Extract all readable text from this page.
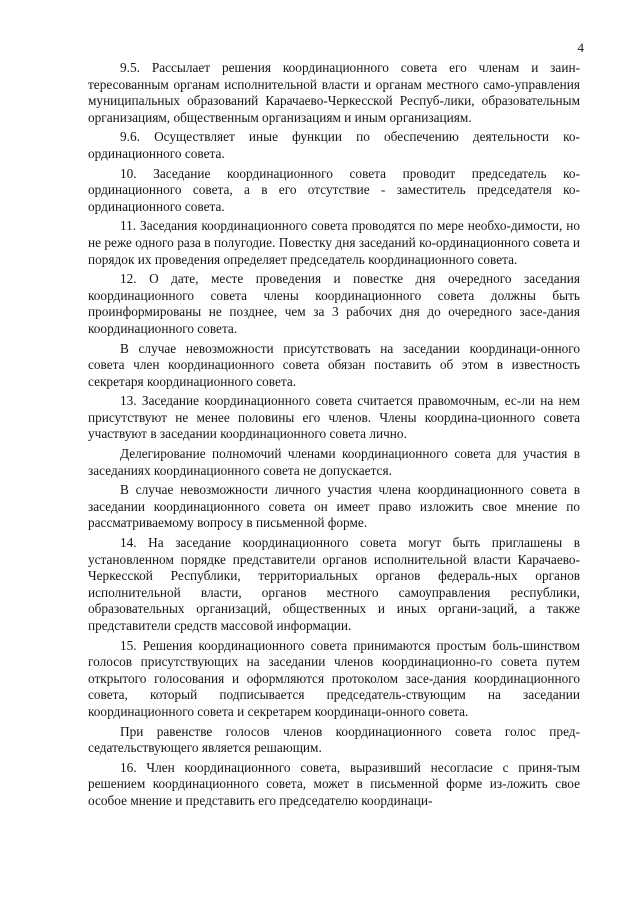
4

9.5. Рассылает решения координационного совета его членам и заин-тересованным органам исполнительной власти и органам местного само-управления муниципальных образований Карачаево-Черкесской Респуб-лики, образовательным организациям, общественным организациям и иным организациям.

9.6. Осуществляет иные функции по обеспечению деятельности ко-ординационного совета.

10. Заседание координационного совета проводит председатель ко-ординационного совета, а в его отсутствие - заместитель председателя ко-ординационного совета.

11. Заседания координационного совета проводятся по мере необхо-димости, но не реже одного раза в полугодие. Повестку дня заседаний ко-ординационного совета и порядок их проведения определяет председатель координационного совета.

12. О дате, месте проведения и повестке дня очередного заседания координационного совета члены координационного совета должны быть проинформированы не позднее, чем за 3 рабочих дня до очередного засе-дания координационного совета.

В случае невозможности присутствовать на заседании координаци-онного совета член координационного совета обязан поставить об этом в известность секретаря координационного совета.

13. Заседание координационного совета считается правомочным, ес-ли на нем присутствуют не менее половины его членов. Члены координа-ционного совета участвуют в заседании координационного совета лично.

Делегирование полномочий членами координационного совета для участия в заседаниях координационного совета не допускается.

В случае невозможности личного участия члена координационного совета в заседании координационного совета он имеет право изложить свое мнение по рассматриваемому вопросу в письменной форме.

14. На заседание координационного совета могут быть приглашены в установленном порядке представители органов исполнительной власти Карачаево-Черкесской Республики, территориальных органов федераль-ных органов исполнительной власти, органов местного самоуправления республики, образовательных организаций, общественных и иных органи-заций, а также представители средств массовой информации.

15. Решения координационного совета принимаются простым боль-шинством голосов присутствующих на заседании членов координационно-го совета путем открытого голосования и оформляются протоколом засе-дания координационного совета, который подписывается председатель-ствующим на заседании координационного совета и секретарем координаци-онного совета.

При равенстве голосов членов координационного совета голос пред-седательствующего является решающим.

16. Член координационного совета, выразивший несогласие с приня-тым решением координационного совета, может в письменной форме из-ложить свое особое мнение и представить его председателю координаци-
